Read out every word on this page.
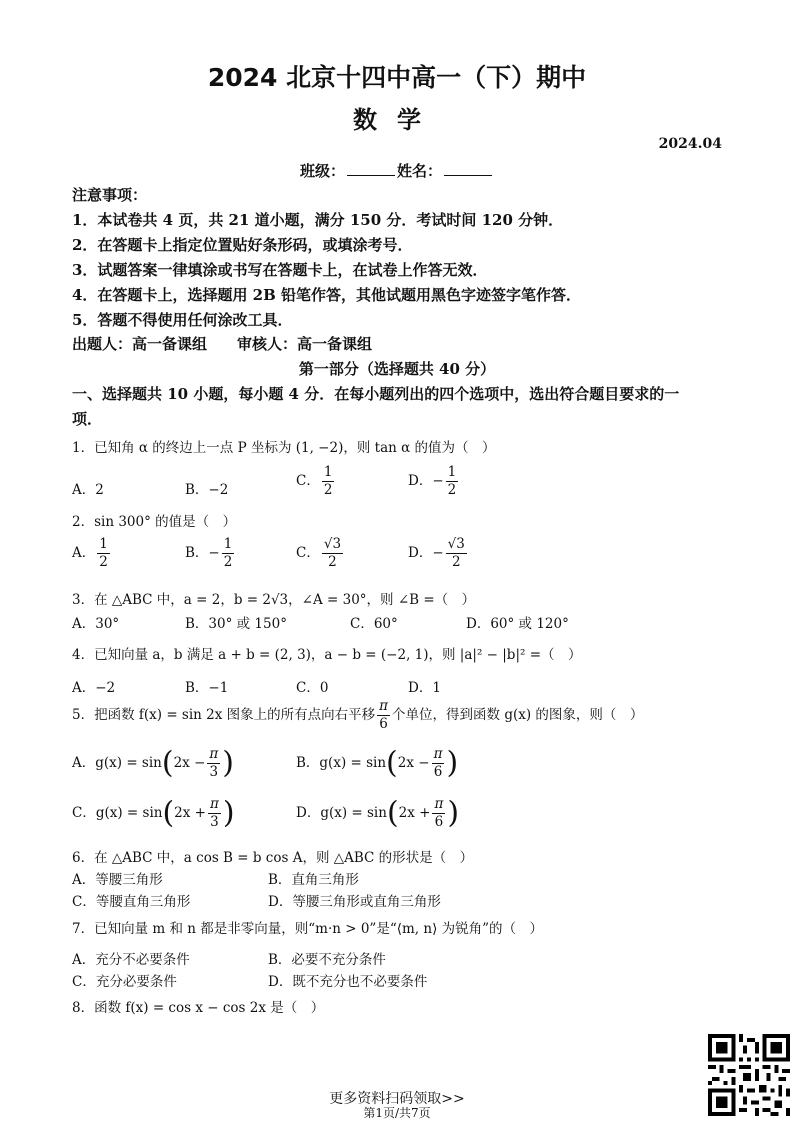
2024 北京十四中高一（下）期中
数学
2024.04
班级：	姓名：
注意事项：
1．本试卷共 4 页，共 21 道小题，满分 150 分．考试时间 120 分钟．
2．在答题卡上指定位置贴好条形码，或填涂考号．
3．试题答案一律填涂或书写在答题卡上，在试卷上作答无效．
4．在答题卡上，选择题用 2B 铅笔作答，其他试题用黑色字迹签字笔作答．
5．答题不得使用任何涂改工具．
出题人：高一备课组　　审核人：高一备课组
第一部分（选择题共 40 分）
一、选择题共 10 小题，每小题 4 分．在每小题列出的四个选项中，选出符合题目要求的一
项．
1．已知角 α 的终边上一点 P 坐标为 (1, −2)，则 tan α 的值为（　）
A．2	B．−2
C． $\frac{1}{2}$	D．− $\frac{1}{2}$
2．sin 300° 的值是（　）
A． $\frac{1}{2}$	B．− $\frac{1}{2}$	C． $\frac{√3}{2}$	D．− $\frac{√3}{2}$
3．在 △ABC 中，a = 2，b = 2√3，∠A = 30°，则 ∠B =（　）
A．30°	B．30° 或 150°	C．60°	D．60° 或 120°
4．已知向量 a，b 满足 a + b = (2, 3)，a − b = (−2, 1)，则 |a|² − |b|² =（　）
A．−2	B．−1	C．0	D．1
5．把函数 f(x) = sin 2x 图象上的所有点向右平移 $\frac{\pi}{6}$ 个单位，得到函数 g(x) 的图象，则（　）
A．$g(x) = \sin(2x - \frac{\pi}{3}$ )	B．$g(x) = \sin(2x - \frac{\pi}{6}$ )
C．$g(x) = \sin(2x + \frac{\pi}{3}$ )	D．$g(x) = \sin(2x + \frac{\pi}{6}$ )
6．在 △ABC 中，a cos B = b cos A，则 △ABC 的形状是（　）
A．等腰三角形	B．直角三角形
C．等腰直角三角形	D．等腰三角形或直角三角形
7．已知向量 m 和 n 都是非零向量，则“m·n > 0”是“⟨m, n⟩ 为锐角”的（　）
A．充分不必要条件	B．必要不充分条件
C．充分必要条件	D．既不充分也不必要条件
8．函数 f(x) = cos x − cos 2x 是（　）
更多资料扫码领取>>
第1页/共7页
